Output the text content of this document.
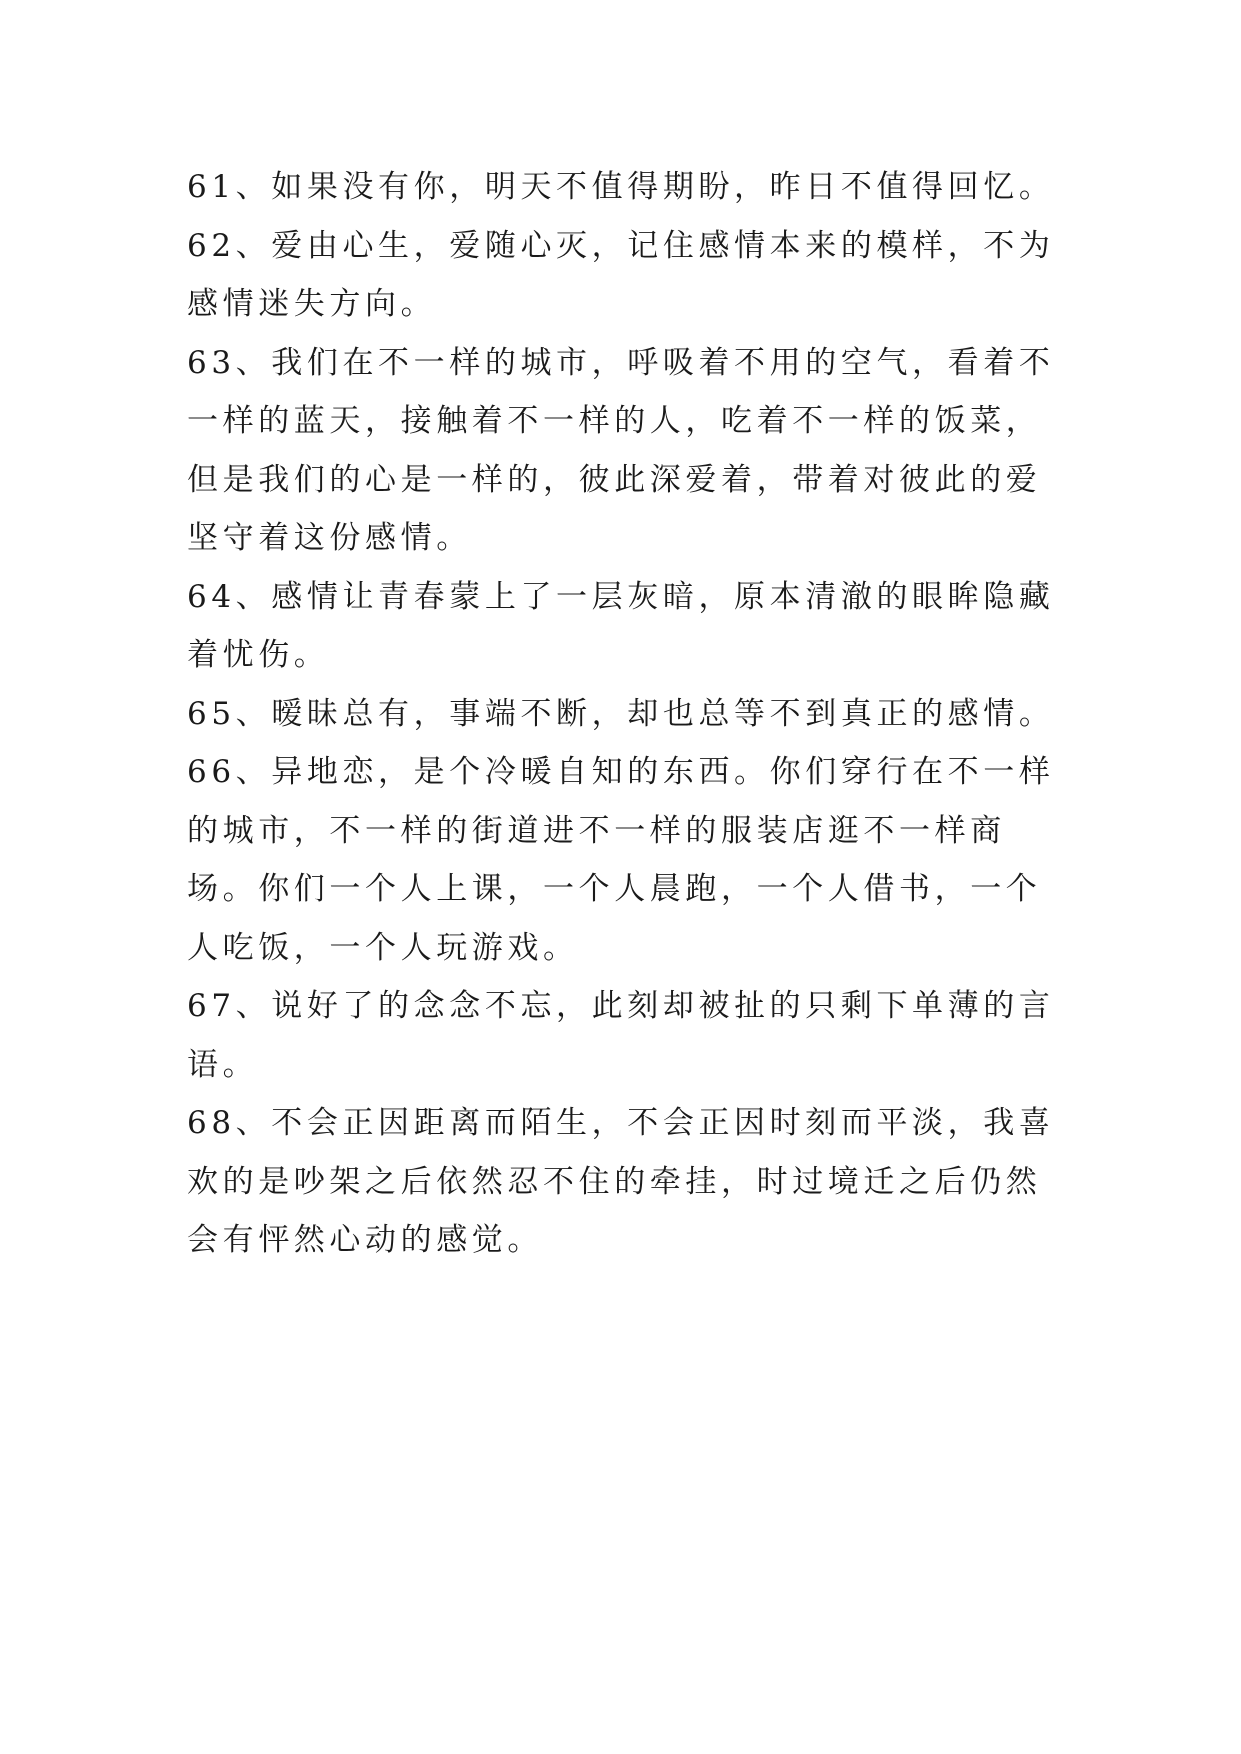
61、如果没有你，明天不值得期盼，昨日不值得回忆。

62、爱由心生，爱随心灭，记住感情本来的模样，不为感情迷失方向。

63、我们在不一样的城市，呼吸着不用的空气，看着不一样的蓝天，接触着不一样的人，吃着不一样的饭菜，但是我们的心是一样的，彼此深爱着，带着对彼此的爱坚守着这份感情。

64、感情让青春蒙上了一层灰暗，原本清澈的眼眸隐藏着忧伤。

65、暧昧总有，事端不断，却也总等不到真正的感情。

66、异地恋，是个冷暖自知的东西。你们穿行在不一样的城市，不一样的街道进不一样的服装店逛不一样商场。你们一个人上课，一个人晨跑，一个人借书，一个人吃饭，一个人玩游戏。

67、说好了的念念不忘，此刻却被扯的只剩下单薄的言语。

68、不会正因距离而陌生，不会正因时刻而平淡，我喜欢的是吵架之后依然忍不住的牵挂，时过境迁之后仍然会有怦然心动的感觉。
